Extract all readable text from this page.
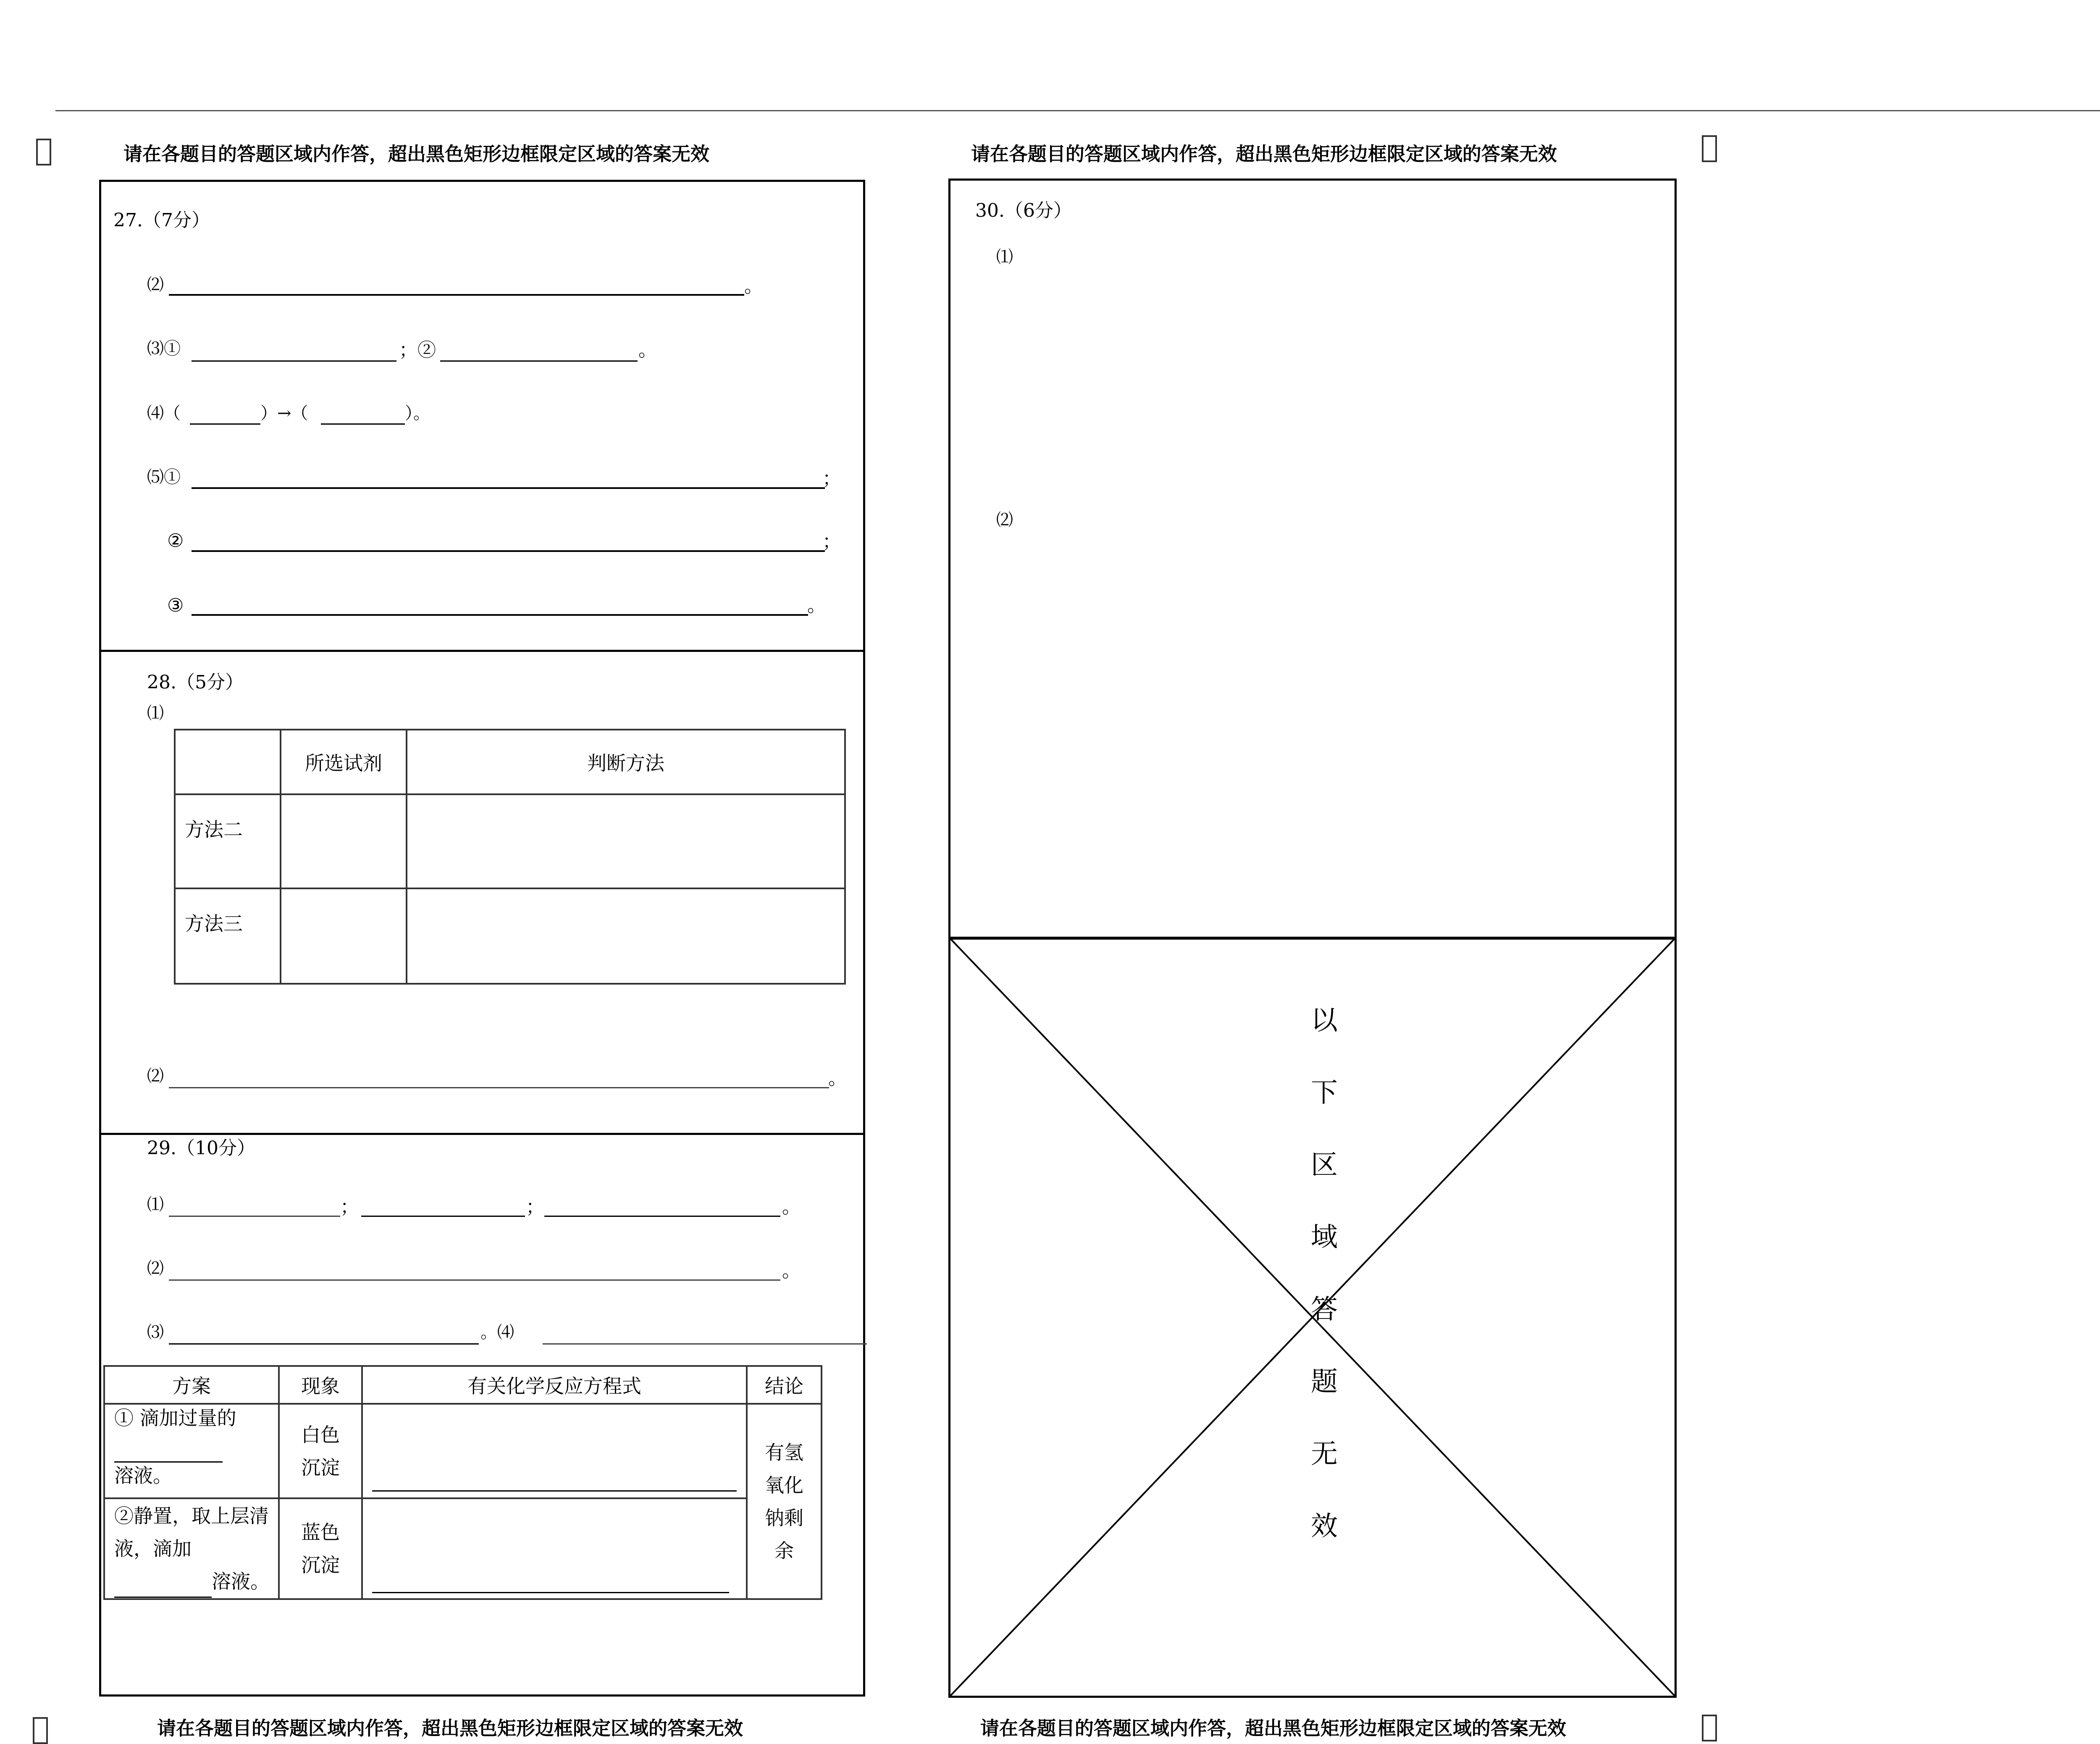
请在各题目的答题区域内作答，超出黑色矩形边框限定区域的答案无效	请在各题目的答题区域内作答，超出黑色矩形边框限定区域的答案无效
27.（7分）
⑵	。
⑶①	；②	。
⑷（	）→（	）。
⑸①	；
②	；
③	。
28.（5分）
⑴
	所选试剂	判断方法
方法二		
方法三		
⑵	。
29.（10分）
⑴	；	；	。
⑵	。
⑶	。⑷
方案	现象	有关化学反应方程式	结论

① 滴加过量的
溶液。	白色沉淀		有氢氧化钠剩余

②静置，取上层清液，滴加
溶液。	蓝色沉淀		

30.（6分）
⑴
⑵
以
下
区
域
答
题
无
效
请在各题目的答题区域内作答，超出黑色矩形边框限定区域的答案无效	请在各题目的答题区域内作答，超出黑色矩形边框限定区域的答案无效
